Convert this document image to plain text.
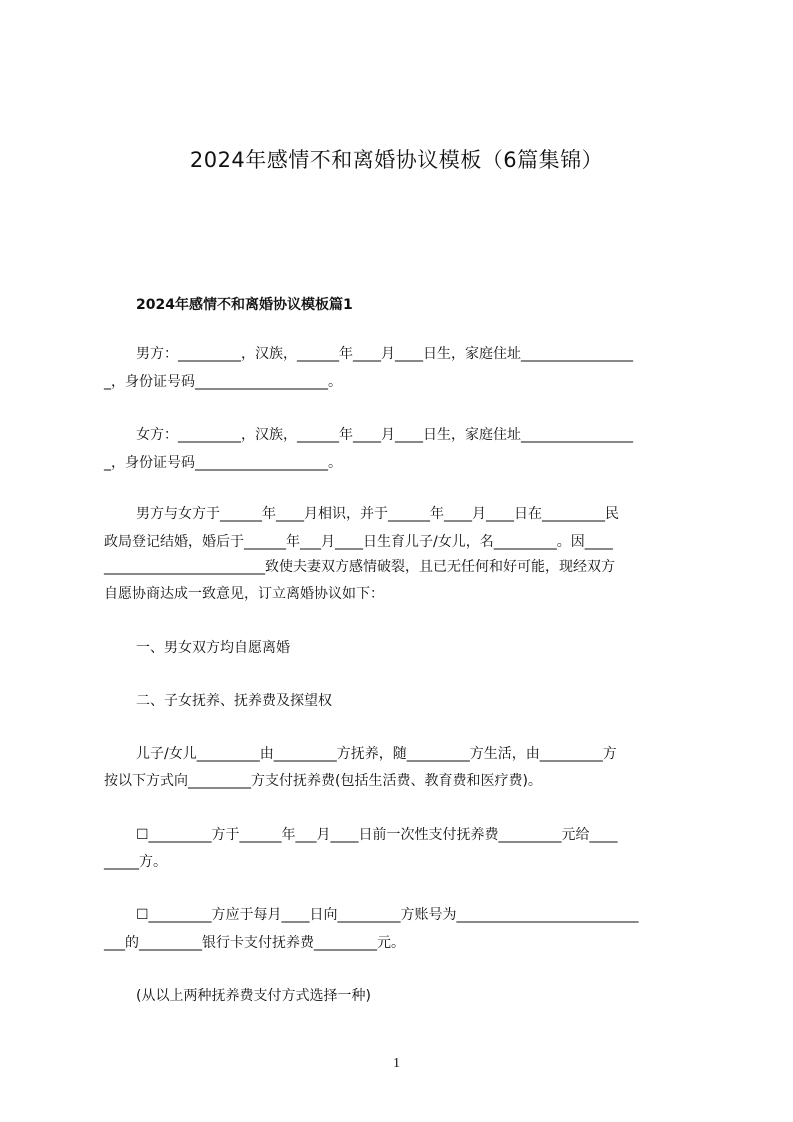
2024年感情不和离婚协议模板（6篇集锦）
2024年感情不和离婚协议模板篇1
男方：_________，汉族，______年____月____日生，家庭住址________________
_，身份证号码___________________。
女方：_________，汉族，______年____月____日生，家庭住址________________
_，身份证号码___________________。
男方与女方于______年____月相识，并于______年____月____日在_________民
政局登记结婚，婚后于______年___月____日生育儿子/女儿，名_________。因____
_______________________致使夫妻双方感情破裂，且已无任何和好可能，现经双方
自愿协商达成一致意见，订立离婚协议如下：
一、男女双方均自愿离婚
二、子女抚养、抚养费及探望权
儿子/女儿_________由_________方抚养，随_________方生活，由_________方
按以下方式向_________方支付抚养费(包括生活费、教育费和医疗费)。
☐_________方于______年___月____日前一次性支付抚养费_________元给____
_____方。
☐_________方应于每月____日向_________方账号为__________________________
___的_________银行卡支付抚养费_________元。
(从以上两种抚养费支付方式选择一种)
1
